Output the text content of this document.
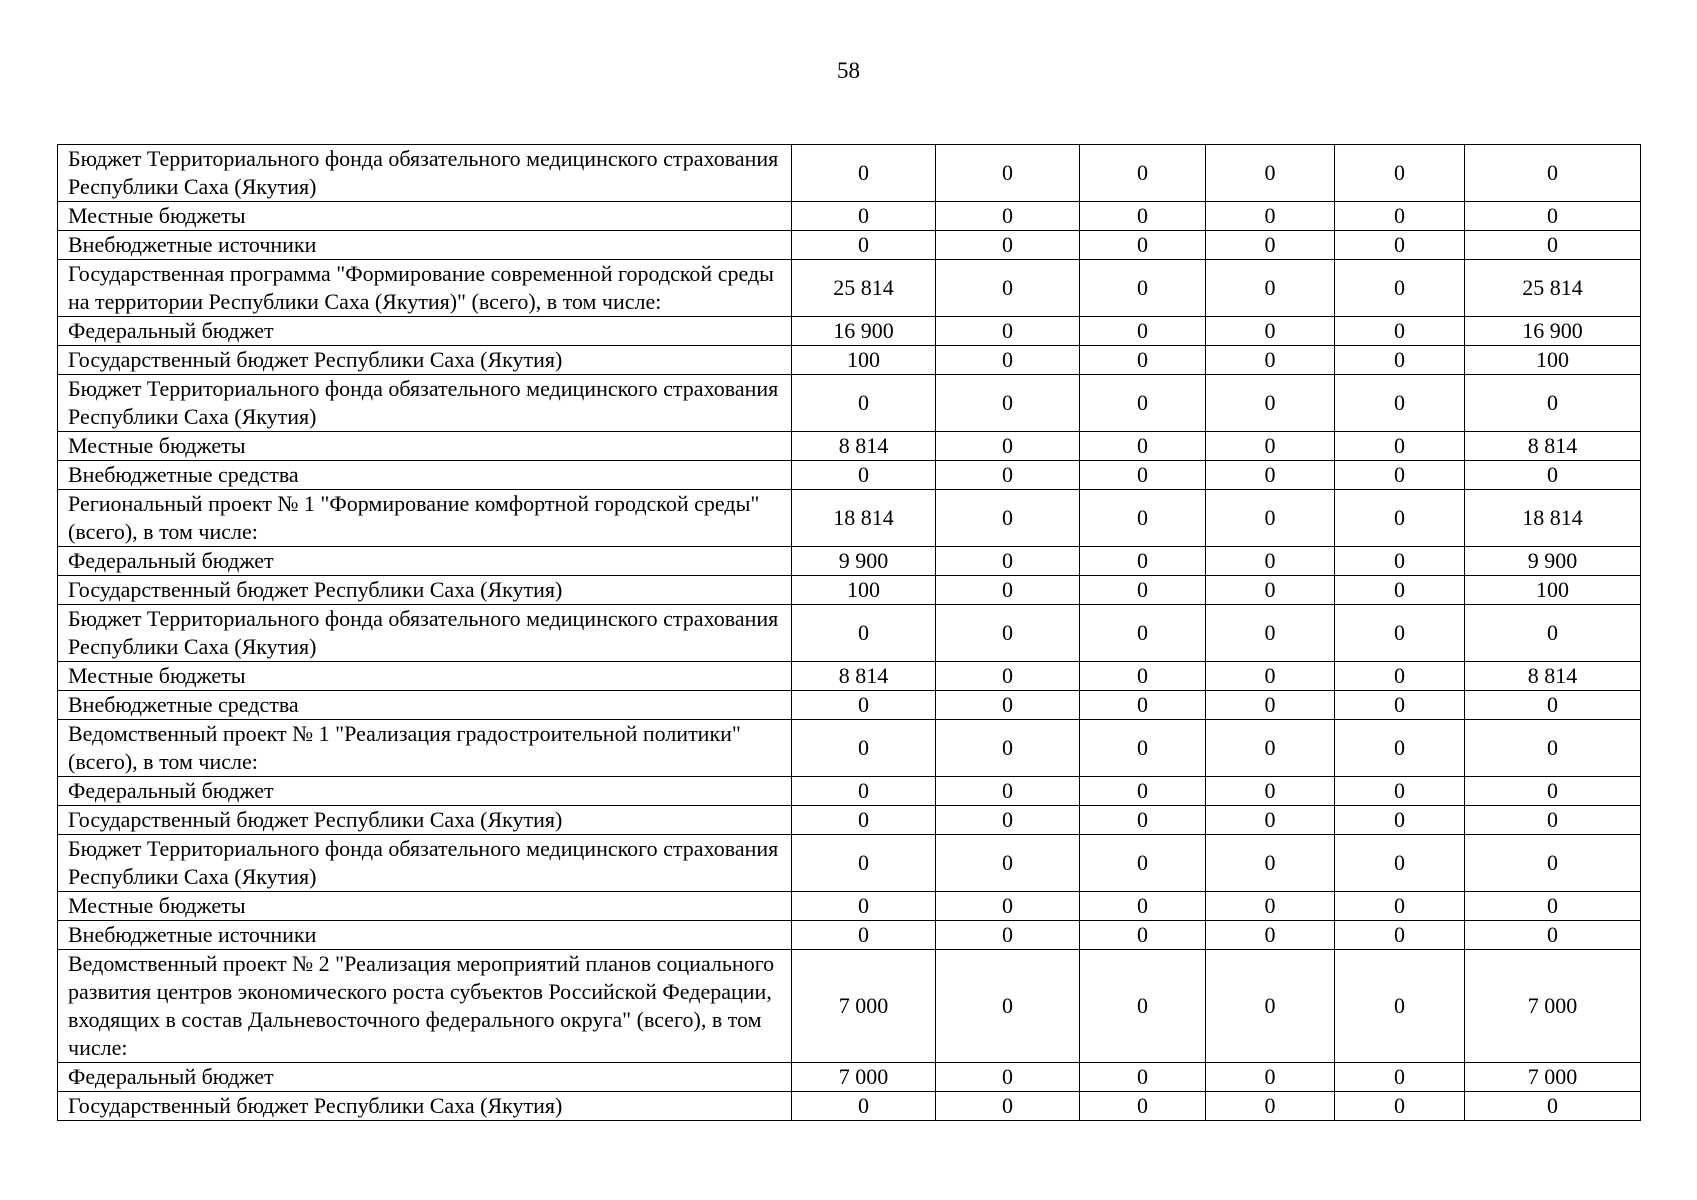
58
Бюджет Территориального фонда обязательного медицинского страхования Республики Саха (Якутия)	0	0	0	0	0	0
Местные бюджеты	0	0	0	0	0	0
Внебюджетные источники	0	0	0	0	0	0
Государственная программа "Формирование современной городской среды на территории Республики Саха (Якутия)" (всего), в том числе:	25 814	0	0	0	0	25 814
Федеральный бюджет	16 900	0	0	0	0	16 900
Государственный бюджет Республики Саха (Якутия)	100	0	0	0	0	100
Бюджет Территориального фонда обязательного медицинского страхования Республики Саха (Якутия)	0	0	0	0	0	0
Местные бюджеты	8 814	0	0	0	0	8 814
Внебюджетные средства	0	0	0	0	0	0
Региональный проект № 1 "Формирование комфортной городской среды" (всего), в том числе:	18 814	0	0	0	0	18 814
Федеральный бюджет	9 900	0	0	0	0	9 900
Государственный бюджет Республики Саха (Якутия)	100	0	0	0	0	100
Бюджет Территориального фонда обязательного медицинского страхования Республики Саха (Якутия)	0	0	0	0	0	0
Местные бюджеты	8 814	0	0	0	0	8 814
Внебюджетные средства	0	0	0	0	0	0
Ведомственный проект № 1 "Реализация градостроительной политики" (всего), в том числе:	0	0	0	0	0	0
Федеральный бюджет	0	0	0	0	0	0
Государственный бюджет Республики Саха (Якутия)	0	0	0	0	0	0
Бюджет Территориального фонда обязательного медицинского страхования Республики Саха (Якутия)	0	0	0	0	0	0
Местные бюджеты	0	0	0	0	0	0
Внебюджетные источники	0	0	0	0	0	0
Ведомственный проект № 2 "Реализация мероприятий планов социального развития центров экономического роста субъектов Российской Федерации, входящих в состав Дальневосточного федерального округа" (всего), в том числе:	7 000	0	0	0	0	7 000
Федеральный бюджет	7 000	0	0	0	0	7 000
Государственный бюджет Республики Саха (Якутия)	0	0	0	0	0	0
